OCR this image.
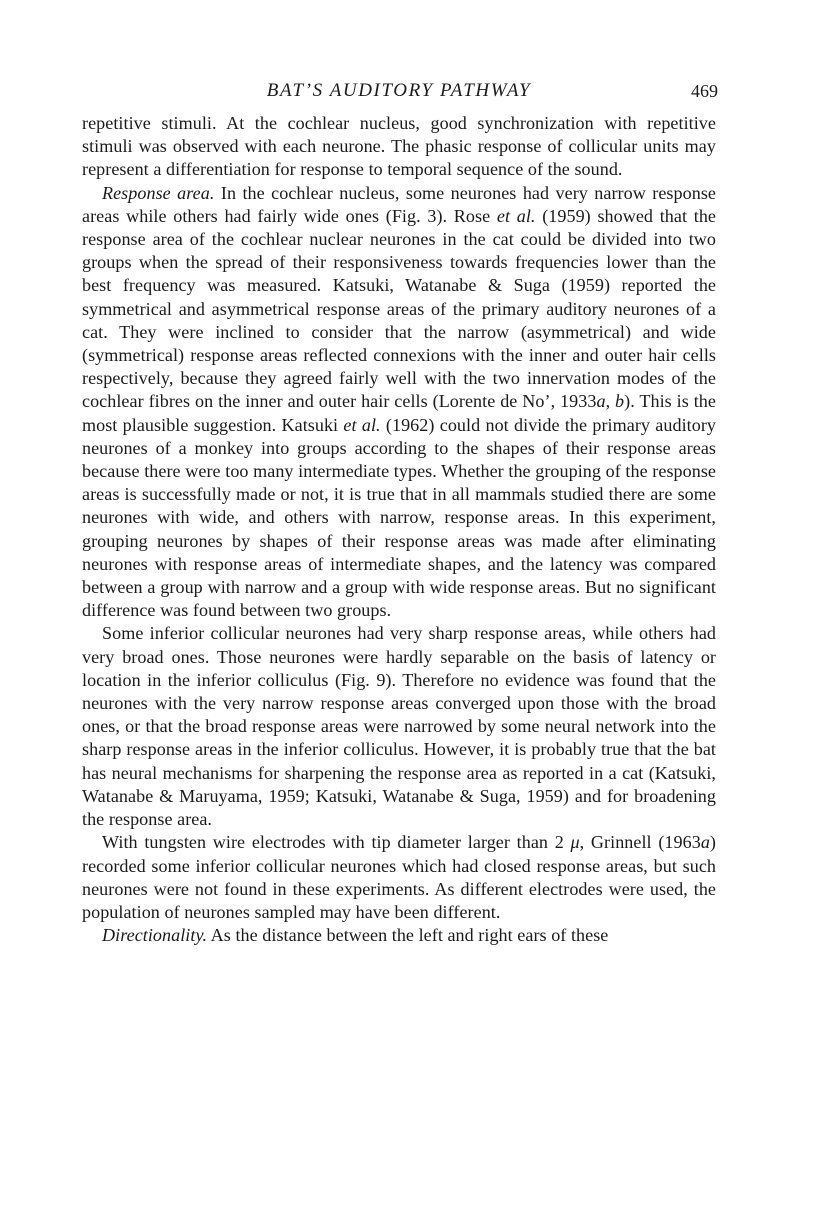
BAT’S AUDITORY PATHWAY	469

repetitive stimuli. At the cochlear nucleus, good synchronization with repetitive stimuli was observed with each neurone. The phasic response of collicular units may represent a differentiation for response to temporal sequence of the sound.

Response area. In the cochlear nucleus, some neurones had very narrow response areas while others had fairly wide ones (Fig. 3). Rose et al. (1959) showed that the response area of the cochlear nuclear neurones in the cat could be divided into two groups when the spread of their responsiveness towards frequencies lower than the best frequency was measured. Katsuki, Watanabe & Suga (1959) reported the symmetrical and asymmetrical response areas of the primary auditory neurones of a cat. They were inclined to consider that the narrow (asymmetrical) and wide (symmetrical) response areas reflected connexions with the inner and outer hair cells respectively, because they agreed fairly well with the two innervation modes of the cochlear fibres on the inner and outer hair cells (Lorente de No’, 1933a, b). This is the most plausible suggestion. Katsuki et al. (1962) could not divide the primary auditory neurones of a monkey into groups according to the shapes of their response areas because there were too many intermediate types. Whether the grouping of the response areas is successfully made or not, it is true that in all mammals studied there are some neurones with wide, and others with narrow, response areas. In this experiment, grouping neurones by shapes of their response areas was made after eliminating neurones with response areas of intermediate shapes, and the latency was compared between a group with narrow and a group with wide response areas. But no significant difference was found between two groups.

Some inferior collicular neurones had very sharp response areas, while others had very broad ones. Those neurones were hardly separable on the basis of latency or location in the inferior colliculus (Fig. 9). Therefore no evidence was found that the neurones with the very narrow response areas converged upon those with the broad ones, or that the broad response areas were narrowed by some neural network into the sharp response areas in the inferior colliculus. However, it is probably true that the bat has neural mechanisms for sharpening the response area as reported in a cat (Katsuki, Watanabe & Maruyama, 1959; Katsuki, Watanabe & Suga, 1959) and for broadening the response area.

With tungsten wire electrodes with tip diameter larger than 2 μ, Grinnell (1963a) recorded some inferior collicular neurones which had closed response areas, but such neurones were not found in these experiments. As different electrodes were used, the population of neurones sampled may have been different.

Directionality. As the distance between the left and right ears of these
